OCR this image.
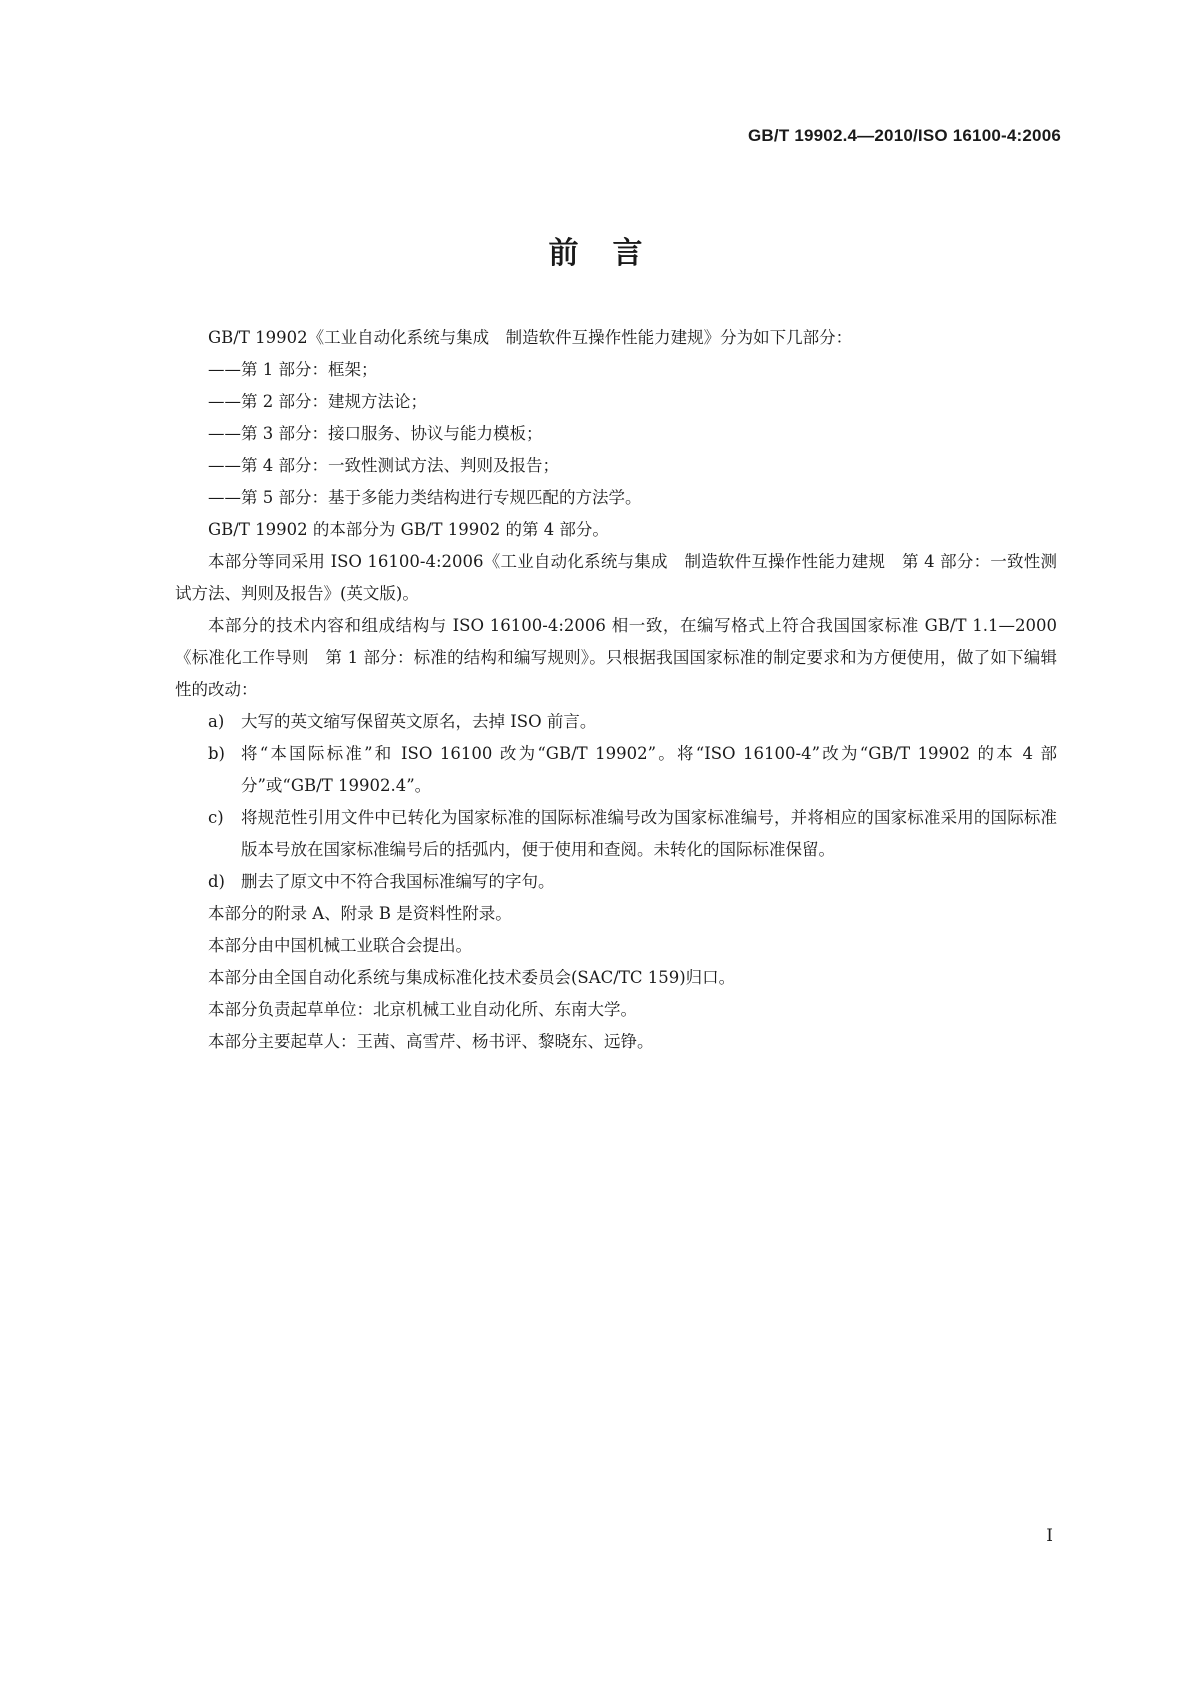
GB/T 19902.4—2010/ISO 16100-4:2006
前言

GB/T 19902《工业自动化系统与集成　制造软件互操作性能力建规》分为如下几部分：

——第 1 部分：框架；

——第 2 部分：建规方法论；

——第 3 部分：接口服务、协议与能力模板；

——第 4 部分：一致性测试方法、判则及报告；

——第 5 部分：基于多能力类结构进行专规匹配的方法学。

GB/T 19902 的本部分为 GB/T 19902 的第 4 部分。

本部分等同采用 ISO 16100-4:2006《工业自动化系统与集成　制造软件互操作性能力建规　第 4 部分：一致性测试方法、判则及报告》(英文版)。

本部分的技术内容和组成结构与 ISO 16100-4:2006 相一致，在编写格式上符合我国国家标准 GB/T 1.1—2000《标准化工作导则　第 1 部分：标准的结构和编写规则》。只根据我国国家标准的制定要求和为方便使用，做了如下编辑性的改动：

a) 大写的英文缩写保留英文原名，去掉 ISO 前言。
b) 将“本国际标准”和 ISO 16100 改为“GB/T 19902”。将“ISO 16100-4”改为“GB/T 19902 的本 4 部分”或“GB/T 19902.4”。
c) 将规范性引用文件中已转化为国家标准的国际标准编号改为国家标准编号，并将相应的国家标准采用的国际标准版本号放在国家标准编号后的括弧内，便于使用和查阅。未转化的国际标准保留。
d) 删去了原文中不符合我国标准编写的字句。

本部分的附录 A、附录 B 是资料性附录。

本部分由中国机械工业联合会提出。

本部分由全国自动化系统与集成标准化技术委员会(SAC/TC 159)归口。

本部分负责起草单位：北京机械工业自动化所、东南大学。

本部分主要起草人：王茜、高雪芹、杨书评、黎晓东、远铮。

I
